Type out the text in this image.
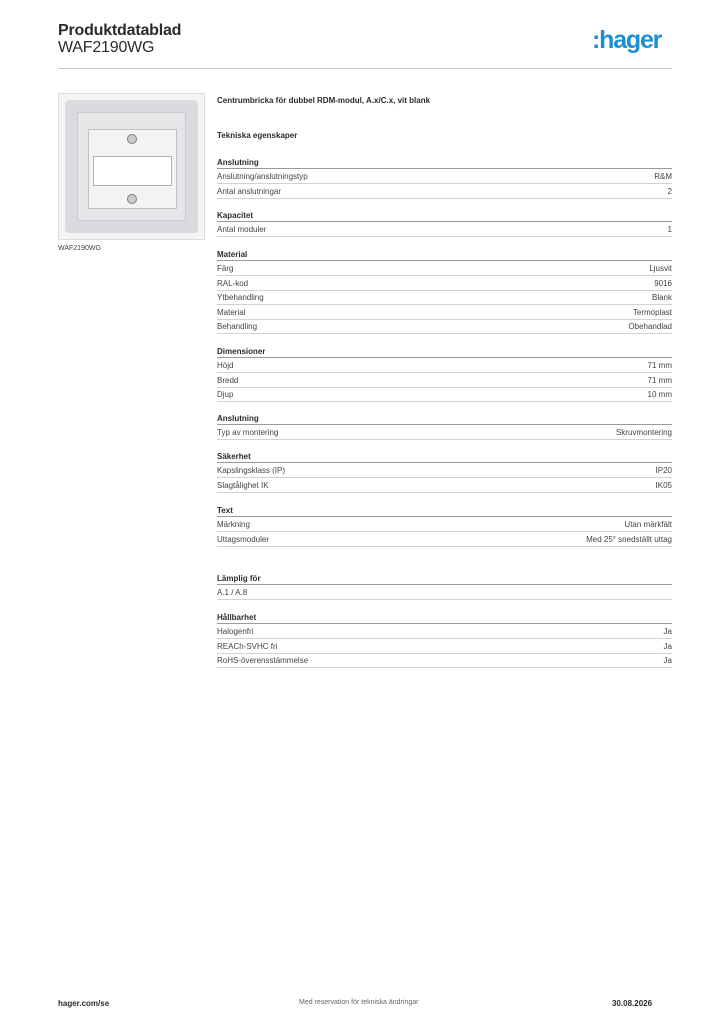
Produktdatablad
WAF2190WG	:hager
WAF2190WG
Centrumbricka för dubbel RDM-modul, A.x/C.x, vit blank
Tekniska egenskaper
Anslutning
Anslutning/anslutningstyp	R&M
Antal anslutningar	2
Kapacitet
Antal moduler	1
Material
Färg	Ljusvit
RAL-kod	9016
Ytbehandling	Blank
Material	Termoplast
Behandling	Obehandlad
Dimensioner
Höjd	71 mm
Bredd	71 mm
Djup	10 mm
Anslutning
Typ av montering	Skruvmontering
Säkerhet
Kapslingsklass (IP)	IP20
Slagtålighet IK	IK05
Text
Märkning	Utan märkfält
Uttagsmoduler	Med 25° snedställt uttag
Lämplig för
A.1 / A.8
Hållbarhet
Halogenfri	Ja
REACh-SVHC fri	Ja
RoHS-överensstämmelse	Ja
hager.com/se	Med reservation för tekniska ändringar	30.08.2026
